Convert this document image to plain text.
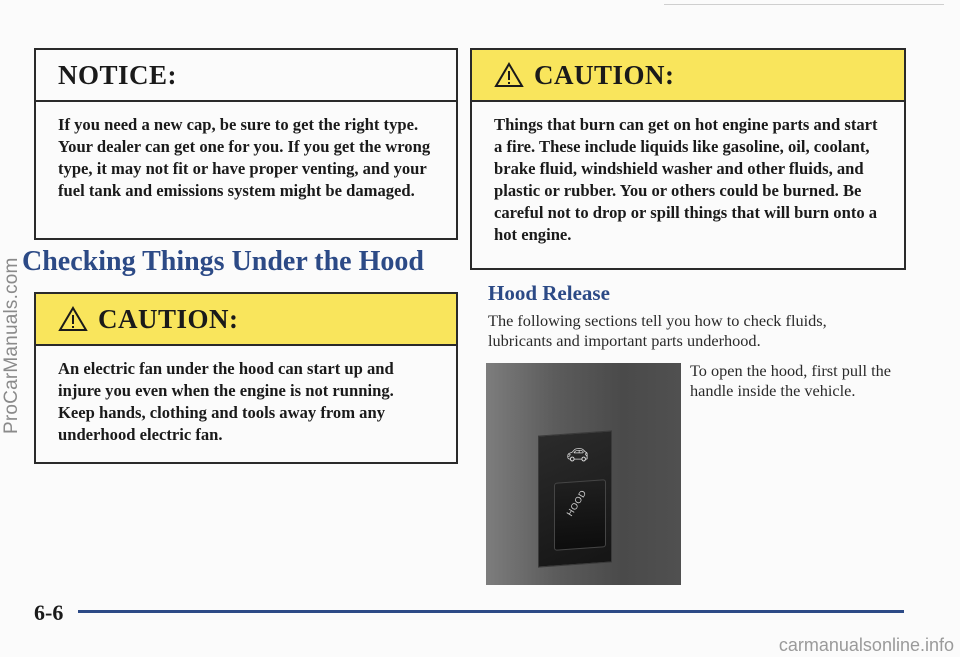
ProCarManuals.com
NOTICE:
If you need a new cap, be sure to get the right type. Your dealer can get one for you. If you get the wrong type, it may not fit or have proper venting, and your fuel tank and emissions system might be damaged.
Checking Things Under the Hood
CAUTION:
An electric fan under the hood can start up and injure you even when the engine is not running. Keep hands, clothing and tools away from any underhood electric fan.
CAUTION:
Things that burn can get on hot engine parts and start a fire. These include liquids like gasoline, oil, coolant, brake fluid, windshield washer and other fluids, and plastic or rubber. You or others could be burned. Be careful not to drop or spill things that will burn onto a hot engine.
Hood Release
The following sections tell you how to check fluids, lubricants and important parts underhood.
🚗︎
HOOD
To open the hood, first pull the handle inside the vehicle.
6-6
carmanualsonline.info
